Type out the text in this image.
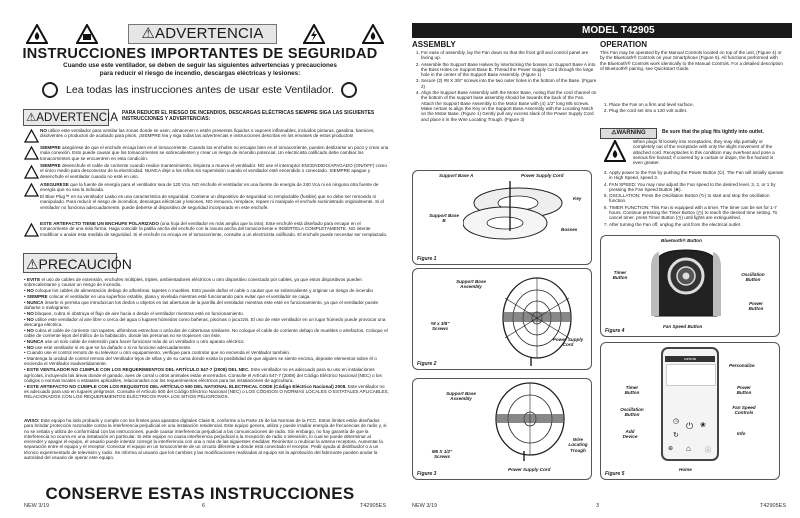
⚠ADVERTENCIA
INSTRUCCIONES IMPORTANTES DE SEGURIDAD
Cuando use este ventilador, se deben de seguir las siguientes advertencias y precauciones
para reducir el riesgo de incendio, descargas eléctricas y lesiones:
Lea todas las instrucciones antes de usar este Ventilador.
⚠ADVERTENCIA PARA REDUCIR EL RIESGO DE INCENDIOS, DESCARGAS ELÉCTRICAS SIEMPRE SIGA LAS SIGUIENTES INSTRUCCIONES Y ADVERTENCIAS:
NO utilice este ventilador para ventilar las zonas donde se usen, almacenen o estén presentes líquidos o vapores inflamables, incluidos pinturas, gasolina, barnices, disolventes o productos de acabado para pisos. ¡SIEMPRE lea y siga todas las advertencias e instrucciones descritas en los envases de estos productos!
SIEMPRE asegúrese de que el enchufe encaja bien en el tomacorriente. Cuando los enchufes no encajan bien en el tomacorriente, pueden deslizarse un poco y crear una mala conexión. Esto puede causar que los tomacorrientes se sobrecalienten y crear un riesgo de incendio potencial. Un electricista calificado debe cambiar los tomacorrientes que se encuentren en esta condición.
SIEMPRE desenchufe el cable de corriente cuando realice mantenimiento, limpieza o mueva el ventilador. NO use el interruptor ENCENDIDO/APAGADO (ON/OFF) como el único medio para desconectar de la electricidad. NUNCA deje a los niños sin supervisión cuando el ventilador esté encendido o conectado. SIEMPRE apague y desenchufe el ventilador cuando no esté en uso.
ASEGURESE que la fuente de energía para el ventilador sea de 120 Vca. NO enchufe el ventilador en una fuente de energía de 240 Vca ni en ninguna otra fuente de energía que no sea la indicada.
El Blue Plug™ en su ventilador Lasko es una característica de seguridad. Contiene un dispositivo de seguridad no remplazable (fusible) que no debe ser removido ni manipulado. Para reducir el riesgo de incendios, descargas eléctricas y lesiones, NO remueva, remplace, repare ni manipule el enchufe suministrado originalmente. Si el ventilador no funciona adecuadamente, puede deberse al dispositivo de seguridad incorporado en este enchufe.
ESTE ARTEFACTO TIENE UN ENCHUFE POLARIZADO (una hoja del ventilador es más amplia que la otra). Este enchufe está diseñado para encajar en el tomacorriente de una sola forma. Haga coincidir la patilla ancha del enchufe con la ranura ancha del tomacorriente e INSÉRTELA COMPLETAMENTE. NO intente modificar o anular esta medida de seguridad. Si el enchufe no encaja en el tomacorriente, consulte a un electricista calificado. El enchufe puede necesitar ser remplazado.
⚠PRECAUCIÓN
• EVITE el uso de cables de extensión, enchufes múltiples, triples, ambientadores eléctricos u otro dispositivo conectado por cables, ya que estos dispositivos pueden sobrecalentarse y causar un riesgo de incendio.
• NO coloque los cables de alimentación debajo de alfombras, tapetes o muebles. Esto puede dañar el cable o causar que se sobrecaliente y originar un riesgo de incendio
• SIEMPRE colocar el ventilador en una superficie estable, plana y nivelada mientras esté funcionando para evitar que el ventilador se caiga.
• NUNCA inserte ni permita que introduzcan los dedos u objetos en las aberturas de la parrilla del ventilador mientras este esté en funcionamiento, ya que el ventilador puede dañarse o malograrse.
• NO bloquee, cubra ni obstruya el flujo de aire hacia o desde el ventilador mientras esté en funcionamiento.
• NO utilice este ventilador al aire libre o cerca del agua o lugares húmedos como bañeras, piscinas o jacuzzis. El uso de este ventilador en un lugar húmedo puede provocar una descarga eléctrica.
• NO cubra el cable de corriente con tapetes, alfombras estrechas o artículos de coberturas similares. No coloque el cable de corriente debajo de muebles o artefactos. Coloque el cable de corriente lejos del tráfico de la habitación, donde las personas no se tropiecen con éste.
• NUNCA use un solo cable de extensión para hacer funcionar más de un ventilador u otro aparato eléctrico.
• NO use este ventilador si es que se ha dañado o si no funcione adecuadamente.
• Cuando use el control remoto de su televisor u otro equipamiento, verifique para controlar que no encienda el Ventilador también.
• Mantenga la unidad de control remoto del Ventilador lejos de sillas y de su cama donde exista la posibilidad de que alguien se siente encima, deposite elementos sobre él o encienda el Ventilador inadvertidamente.
• ESTE VENTILADOR NO CUMPLE CON LOS REQUERIMIENTOS DEL ARTÍCULO 547-7 (2008) DEL NEC. Este ventilador no es adecuado para su uso en instalaciones agrícolas, incluyendo las áreas donde el ganado, aves de corral u otros animales están encerrados. Consulte el Artículo 547-7 (2008) del Código Eléctrico Nacional (NEC) o los códigos o normas locales o estatales aplicables, relacionados con los requerimientos eléctricos para las instalaciones de agricultura.
• ESTE ARTEFACTO NO CUMPLE CON LOS REQUISITOS DEL ARTÍCULO 500 DEL NATIONAL ELECTRICAL CODE (Código Eléctrico Nacional) 2008. Este ventilador no es adecuado para uso en lugares peligrosos. Consulte el Artículo 500 del Código Eléctrico Nacional (NEC) o LOS CÓDIGOS O NORMAS LOCALES O ESTATALES APLICABLES, RELACIONADOS CON LOS REQUERIMIENTOS ELÉCTRICOS PARA LOS SITIOS PELIGROSOS.
AVISO: Este equipo ha sido probado y cumple con los límites para aparatos digitales Clase B, conforme a la Parte 15 de las Normas de la FCC. Estos límites están diseñados para brindar protección razonable contra la interferencia perjudicial en una instalación residencial. Este equipo genera, utiliza y puede irradiar energía de frecuencias de radio y, si no se instala y utiliza de conformidad con las instrucciones, puede causar interferencia perjudicial a las comunicaciones de radio. Sin embargo, no hay garantía de que la interferencia no ocurra en una instalación en particular. Si este equipo no causa interferencia perjudicial a la recepción de radio o televisión, lo cual se puede determinar al encender y apagar el equipo, el usuario puede intentar corregir la interferencia con una o más de las siguientes medidas: Reorientar o reubicar la antena receptora. Aumentar la separación entre el equipo y el receptor. Conectar el equipo en un tomacorriente de un circuito diferente a donde está conectado el receptor. Pedir ayuda al distribuidor o a un técnico experimentado de televisión y radio. Se informa al usuario que los cambios y las modificaciones realizadas al equipo sin la aprobación del fabricante pueden anular la autoridad del usuario de operar este equipo.
CONSERVE ESTAS INSTRUCCIONES
NEW 3/19	6	T42905ES
MODEL T42905
ASSEMBLY
1. For ease of assembly, lay the Fan down so that the front grill and control panel are facing up.
2. Assemble the Support Base Halves by interlocking the bosses on Support Base A into the Boss Holes on Support Base B. Thread the Power Supply Cord through the large hole in the center of the Support Base Assembly. (Figure 1)
3. Secure (2) #8 X 3/8" screws into the two outer holes in the bottom of the Base. (Figure 2)
4. Align the Support Base Assembly with the Motor Base, noting that the cord channel on the bottom of the support base assembly should be towards the back of the Fan. Attach the Support Base Assembly to the Motor Base with (4) 1/2" long M5 screws. Make certain to align the Key on the Support Base Assembly with the Locating Notch on the Motor Base. (Figure 1) Gently pull any excess slack of the Power Supply Cord and place it in the Wire Locating Trough. (Figure 3)
Support Base A	Power Supply Cord
Key
Support Base B
Bosses
Figure 1
Support Base Assembly
#8 x 3/8" Screws
Power Supply Cord
Figure 2
Support Base Assembly
M5 X 1/2" Screws
Wire Locating Trough
Power Supply Cord
Figure 3
OPERATION
This Fan may be operated by the Manual Controls located on top of the unit, (Figure 4) or by the Bluetooth® Controls on your Smartphone (Figure 5). All functions performed with the Bluetooth® Controls work identically to the Manual Controls. For a detailed description of Bluetooth® pairing, see Quickstart Guide.
1. Place the Fan on a firm and level surface.
2. Plug the cord set into a 120 volt outlet.
⚠WARNING	Be sure that the plug fits tightly into outlet.
When plugs fit loosely into receptacles, they may slip partially or completely out of the receptacle with only the slight movement of the attached cord. Receptacles in this condition may overheat and pose a serious fire hazard; if covered by a curtain or drape, the fire hazard is even greater.
3. Apply power to the Fan by pushing the Power Button (⏻). The Fan will initially operate in High Speed, speed 3.
4. FAN SPEED: You may now adjust the Fan speed to the desired level, 3, 2, or 1 by pressing the Fan Speed Button (❀).
5. OSCILLATION: Press the Oscillation Button (↻) to start and stop the oscillation function.
6. TIMER FUNCTION: This Fan is equipped with a timer. The timer can be set for 1-7 hours. Continue pressing the Timer Button (◷) to reach the desired time setting. To cancel timer, press Timer Button (◷) until lights are extinguished.
7. After turning the Fan off, unplug the unit from the electrical outlet.
Bluetooth® Button
Timer Button
Oscillation Button
Power Button
Fan Speed Button
Figure 4
controls
◷ ⏻ ❀
↻
⊕ ⌂ ⓘ
Personalize
Timer Button
Power Button
Oscillation Button
Fan Speed Controls
Add Device
Info
Home
Figure 5
NEW 3/19	3	T42905ES
